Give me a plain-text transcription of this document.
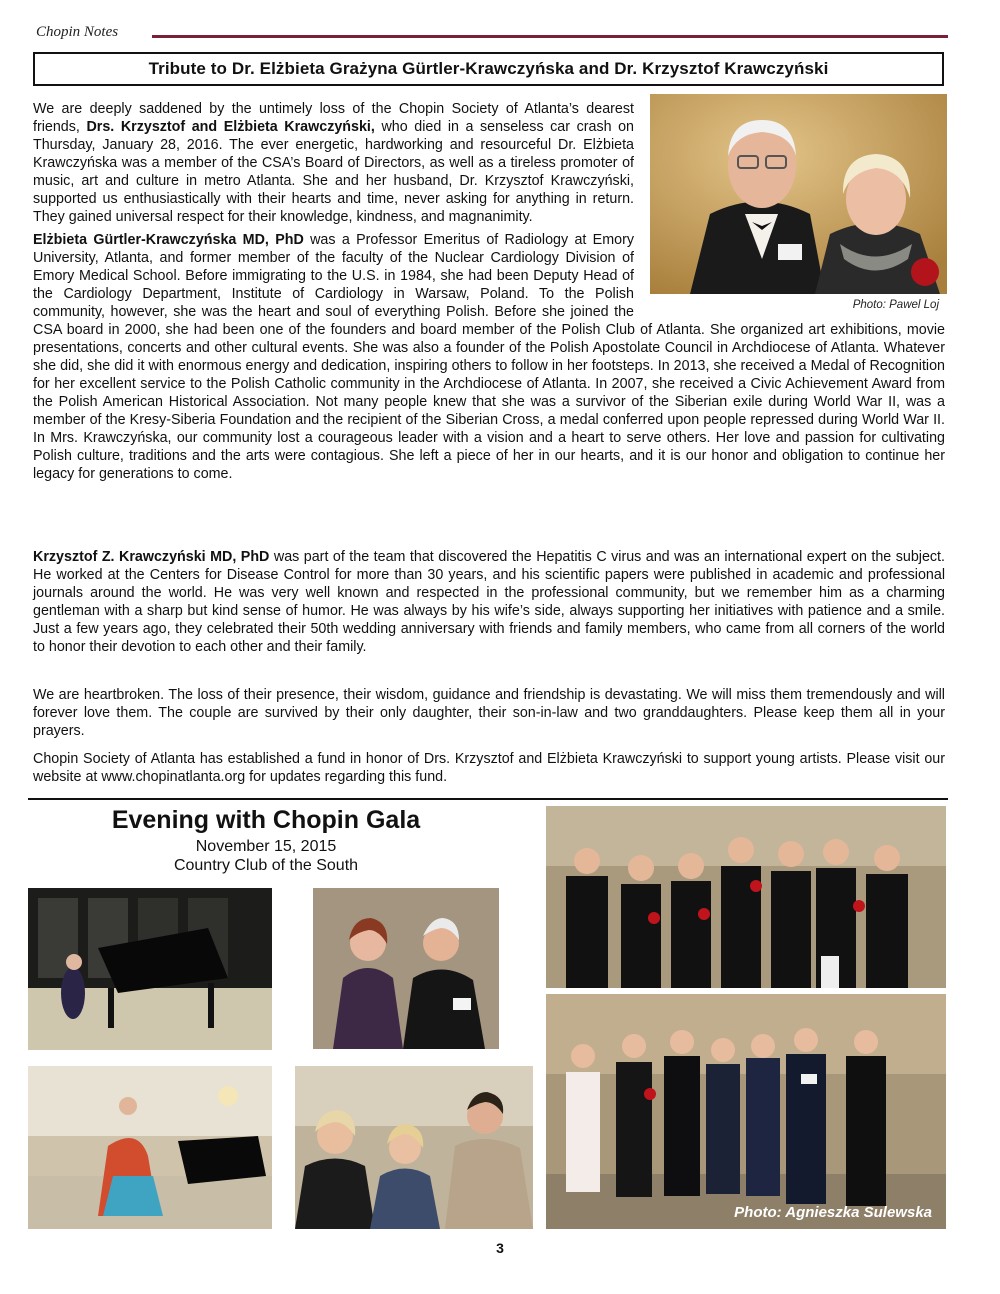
Chopin Notes
Tribute to Dr. Elżbieta Grażyna Gürtler-Krawczyńska and Dr. Krzysztof Krawczyński
Photo: Pawel Loj

We are deeply saddened by the untimely loss of the Chopin Society of Atlanta’s dearest friends, Drs. Krzysztof and Elżbieta Krawczyński, who died in a senseless car crash on Thursday, January 28, 2016. The ever energetic, hardworking and resourceful Dr. Elżbieta Krawczyńska was a member of the CSA’s Board of Directors, as well as a tireless promoter of music, art and culture in metro Atlanta. She and her husband, Dr. Krzysztof Krawczyński, supported us enthusiastically with their hearts and time, never asking for anything in return. They gained universal respect for their knowledge, kindness, and magnanimity.

Elżbieta Gürtler-Krawczyńska MD, PhD was a Professor Emeritus of Radiology at Emory University, Atlanta, and former member of the faculty of the Nuclear Cardiology Division of Emory Medical School. Before immigrating to the U.S. in 1984, she had been Deputy Head of the Cardiology Department, Institute of Cardiology in Warsaw, Poland. To the Polish community, however, she was the heart and soul of everything Polish. Before she joined the CSA board in 2000, she had been one of the founders and board member of the Polish Club of Atlanta. She organized art exhibitions, movie presentations, concerts and other cultural events. She was also a founder of the Polish Apostolate Council in Archdiocese of Atlanta. Whatever she did, she did it with enormous energy and dedication, inspiring others to follow in her footsteps. In 2013, she received a Medal of Recognition for her excellent service to the Polish Catholic community in the Archdiocese of Atlanta. In 2007, she received a Civic Achievement Award from the Polish American Historical Association. Not many people knew that she was a survivor of the Siberian exile during World War II, was a member of the Kresy-Siberia Foundation and the recipient of the Siberian Cross, a medal conferred upon people repressed during World War II. In Mrs. Krawczyńska, our community lost a courageous leader with a vision and a heart to serve others. Her love and passion for cultivating Polish culture, traditions and the arts were contagious. She left a piece of her in our hearts, and it is our honor and obligation to continue her legacy for generations to come.

Krzysztof Z. Krawczyński MD, PhD was part of the team that discovered the Hepatitis C virus and was an international expert on the subject. He worked at the Centers for Disease Control for more than 30 years, and his scientific papers were published in academic and professional journals around the world. He was very well known and respected in the professional community, but we remember him as a charming gentleman with a sharp but kind sense of humor. He was always by his wife’s side, always supporting her initiatives with patience and a smile. Just a few years ago, they celebrated their 50th wedding anniversary with friends and family members, who came from all corners of the world to honor their devotion to each other and their family.

We are heartbroken. The loss of their presence, their wisdom, guidance and friendship is devastating. We will miss them tremendously and will forever love them. The couple are survived by their only daughter, their son-in-law and two granddaughters. Please keep them all in your prayers.

Chopin Society of Atlanta has established a fund in honor of Drs. Krzysztof and Elżbieta Krawczyński to support young artists. Please visit our website at www.chopinatlanta.org for updates regarding this fund.

Evening with Chopin Gala
November 15, 2015
Country Club of the South
Photo: Agnieszka Sulewska
3
